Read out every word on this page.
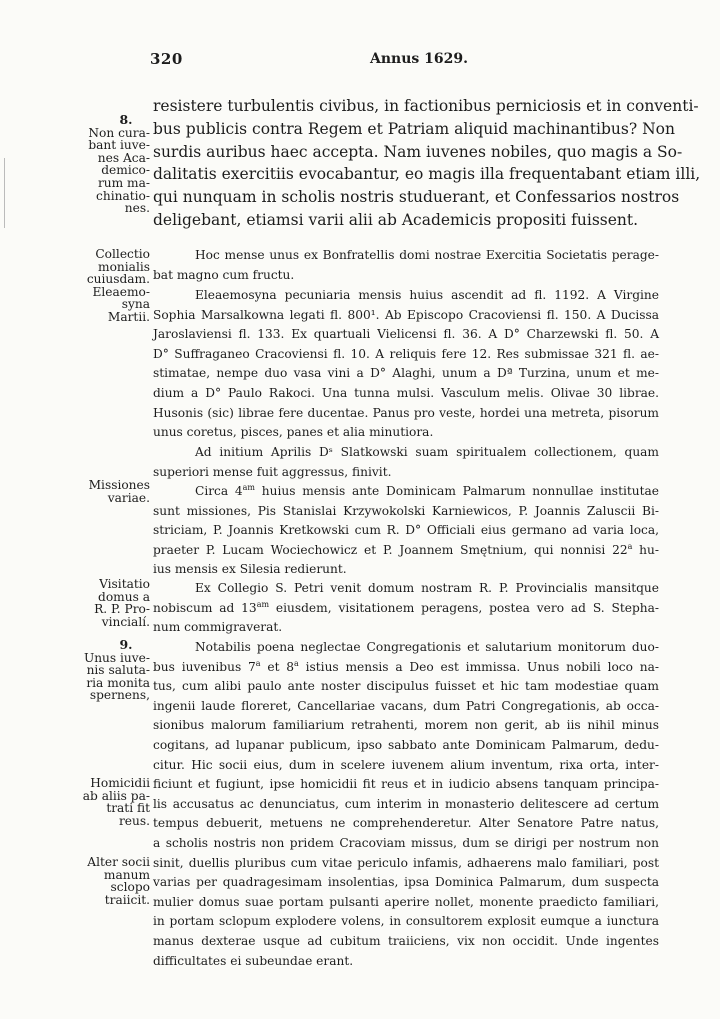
320	Annus 1629.
8.
Non cura-
bant iuve-
nes Aca-
demico-
rum ma-
chinatio-
nes.
Collectio
monialis
cuiusdam.
Eleaemo-
syna
Martii.
Missiones
variae.
Visitatio
domus a
R. P. Pro-
vincialí.
9.
Unus iuve-
nis saluta-
ria monita
spernens,
Homicidii
ab aliis pa-
trati fit
reus.
Alter socii
manum
sclopo
traiicit.
resistere turbulentis civibus, in factionibus perniciosis et in conventi-
bus publicis contra Regem et Patriam aliquid machinantibus? Non
surdis auribus haec accepta. Nam iuvenes nobiles, quo magis a So-
dalitatis exercitiis evocabantur, eo magis illa frequentabant etiam illi,
qui nunquam in scholis nostris studuerant, et Confessarios nostros
deligebant, etiamsi varii alii ab Academicis propositi fuissent.
Hoc mense unus ex Bonfratellis domi nostrae Exercitia Societatis perage-
bat magno cum fructu.
Eleaemosyna pecuniaria mensis huius ascendit ad fl. 1192. A Virgine
Sophia Marsalkowna legati fl. 800¹. Ab Episcopo Cracoviensi fl. 150. A Ducissa
Jaroslaviensi fl. 133. Ex quartuali Vielicensi fl. 36. A D° Charzewski fl. 50. A
D° Suffraganeo Cracoviensi fl. 10. A reliquis fere 12. Res submissae 321 fl. ae-
stimatae, nempe duo vasa vini a D° Alaghi, unum a Dª Turzina, unum et me-
dium a D° Paulo Rakoci. Una tunna mulsi. Vasculum melis. Olivae 30 librae.
Husonis (sic) librae fere ducentae. Panus pro veste, hordei una metreta, pisorum
unus coretus, pisces, panes et alia minutiora.
Ad initium Aprilis Dˢ Slatkowski suam spiritualem collectionem, quam
superiori mense fuit aggressus, finivit.
Circa $4^{am}$ huius mensis ante Dominicam Palmarum nonnullae institutae
sunt missiones, Pis Stanislai Krzywokolski Karniewicos, P. Joannis Zaluscii Bi-
striciam, P. Joannis Kretkowski cum R. D° Officiali eius germano ad varia loca,
praeter P. Lucam Wociechowicz et P. Joannem Smętnium, qui nonnisi 22$^a$ hu-
ius mensis ex Silesia redierunt.
Ex Collegio S. Petri venit domum nostram R. P. Provincialis mansitque
nobiscum ad $13^{am}$ eiusdem, visitationem peragens, postea vero ad S. Stepha-
num commigraverat.
Notabilis poena neglectae Congregationis et salutarium monitorum duo-
bus iuvenibus 7$^a$ et 8$^a$ istius mensis a Deo est immissa. Unus nobili loco na-
tus, cum alibi paulo ante noster discipulus fuisset et hic tam modestiae quam
ingenii laude floreret, Cancellariae vacans, dum Patri Congregationis, ab occa-
sionibus malorum familiarium retrahenti, morem non gerit, ab iis nihil minus
cogitans, ad lupanar publicum, ipso sabbato ante Dominicam Palmarum, dedu-
citur. Hic socii eius, dum in scelere iuvenem alium inventum, rixa orta, inter-
ficiunt et fugiunt, ipse homicidii fit reus et in iudicio absens tanquam principa-
lis accusatus ac denunciatus, cum interim in monasterio delitescere ad certum
tempus debuerit, metuens ne comprehenderetur. Alter Senatore Patre natus,
a scholis nostris non pridem Cracoviam missus, dum se dirigi per nostrum non
sinit, duellis pluribus cum vitae periculo infamis, adhaerens malo familiari, post
varias per quadragesimam insolentias, ipsa Dominica Palmarum, dum suspecta
mulier domus suae portam pulsanti aperire nollet, monente praedicto familiari,
in portam sclopum explodere volens, in consultorem explosit eumque a iunctura
manus dexterae usque ad cubitum traiiciens, vix non occidit. Unde ingentes
difficultates ei subeundae erant.
